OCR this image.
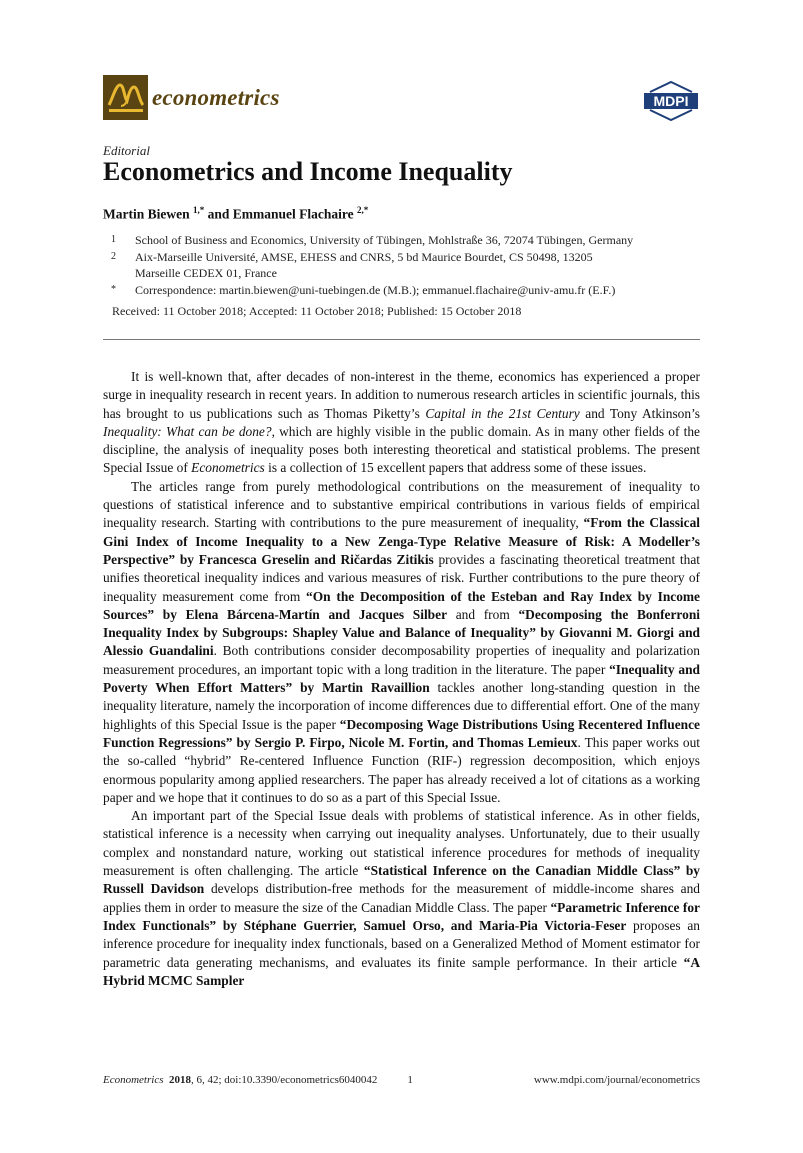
econometrics	MDPI
Editorial
Econometrics and Income Inequality
Martin Biewen $^{1,*}$ and Emmanuel Flachaire $^{2,*}$
1	School of Business and Economics, University of Tübingen, Mohlstraße 36, 72074 Tübingen, Germany
2	Aix-Marseille Université, AMSE, EHESS and CNRS, 5 bd Maurice Bourdet, CS 50498, 13205 Marseille CEDEX 01, France
*	Correspondence: martin.biewen@uni-tuebingen.de (M.B.); emmanuel.flachaire@univ-amu.fr (E.F.)
Received: 11 October 2018; Accepted: 11 October 2018; Published: 15 October 2018

It is well-known that, after decades of non-interest in the theme, economics has experienced a proper surge in inequality research in recent years. In addition to numerous research articles in scientific journals, this has brought to us publications such as Thomas Piketty’s Capital in the 21st Century and Tony Atkinson’s Inequality: What can be done?, which are highly visible in the public domain. As in many other fields of the discipline, the analysis of inequality poses both interesting theoretical and statistical problems. The present Special Issue of Econometrics is a collection of 15 excellent papers that address some of these issues.

The articles range from purely methodological contributions on the measurement of inequality to questions of statistical inference and to substantive empirical contributions in various fields of empirical inequality research. Starting with contributions to the pure measurement of inequality, “From the Classical Gini Index of Income Inequality to a New Zenga-Type Relative Measure of Risk: A Modeller’s Perspective” by Francesca Greselin and Ričardas Zitikis provides a fascinating theoretical treatment that unifies theoretical inequality indices and various measures of risk. Further contributions to the pure theory of inequality measurement come from “On the Decomposition of the Esteban and Ray Index by Income Sources” by Elena Bárcena-Martín and Jacques Silber and from “Decomposing the Bonferroni Inequality Index by Subgroups: Shapley Value and Balance of Inequality” by Giovanni M. Giorgi and Alessio Guandalini. Both contributions consider decomposability properties of inequality and polarization measurement procedures, an important topic with a long tradition in the literature. The paper “Inequality and Poverty When Effort Matters” by Martin Ravaillion tackles another long-standing question in the inequality literature, namely the incorporation of income differences due to differential effort. One of the many highlights of this Special Issue is the paper “Decomposing Wage Distributions Using Recentered Influence Function Regressions” by Sergio P. Firpo, Nicole M. Fortin, and Thomas Lemieux. This paper works out the so-called “hybrid” Re-centered Influence Function (RIF-) regression decomposition, which enjoys enormous popularity among applied researchers. The paper has already received a lot of citations as a working paper and we hope that it continues to do so as a part of this Special Issue.

An important part of the Special Issue deals with problems of statistical inference. As in other fields, statistical inference is a necessity when carrying out inequality analyses. Unfortunately, due to their usually complex and nonstandard nature, working out statistical inference procedures for methods of inequality measurement is often challenging. The article “Statistical Inference on the Canadian Middle Class” by Russell Davidson develops distribution-free methods for the measurement of middle-income shares and applies them in order to measure the size of the Canadian Middle Class. The paper “Parametric Inference for Index Functionals” by Stéphane Guerrier, Samuel Orso, and Maria-Pia Victoria-Feser proposes an inference procedure for inequality index functionals, based on a Generalized Method of Moment estimator for parametric data generating mechanisms, and evaluates its finite sample performance. In their article “A Hybrid MCMC Sampler

Econometrics
2018 , 6, 42; doi:10.3390/econometrics6040042	1	www.mdpi.com/journal/econometrics
